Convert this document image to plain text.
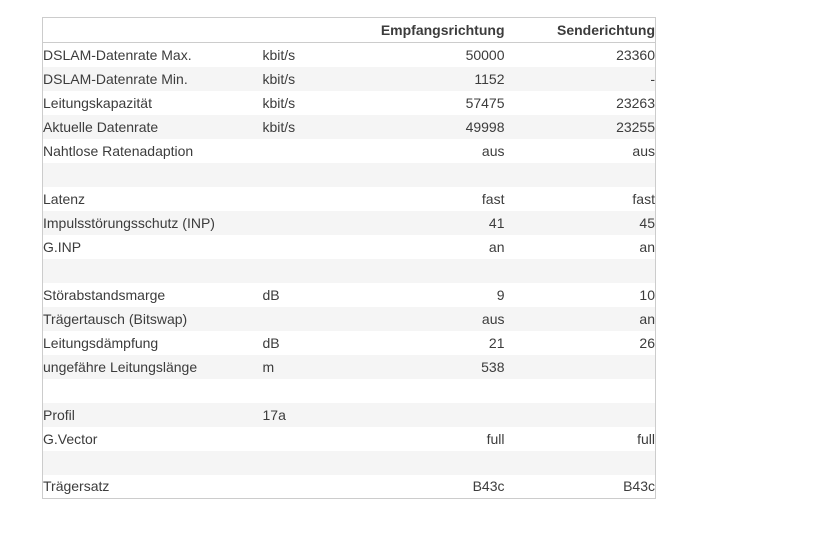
		Empfangsrichtung	Senderichtung
DSLAM-Datenrate Max.	kbit/s	50000	23360
DSLAM-Datenrate Min.	kbit/s	1152	-
Leitungskapazität	kbit/s	57475	23263
Aktuelle Datenrate	kbit/s	49998	23255
Nahtlose Ratenadaption		aus	aus

Latenz		fast	fast
Impulsstörungsschutz (INP)		41	45
G.INP		an	an

Störabstandsmarge	dB	9	10
Trägertausch (Bitswap)		aus	an
Leitungsdämpfung	dB	21	26
ungefähre Leitungslänge	m	538	

Profil	17a		
G.Vector		full	full

Trägersatz		B43c	B43c
